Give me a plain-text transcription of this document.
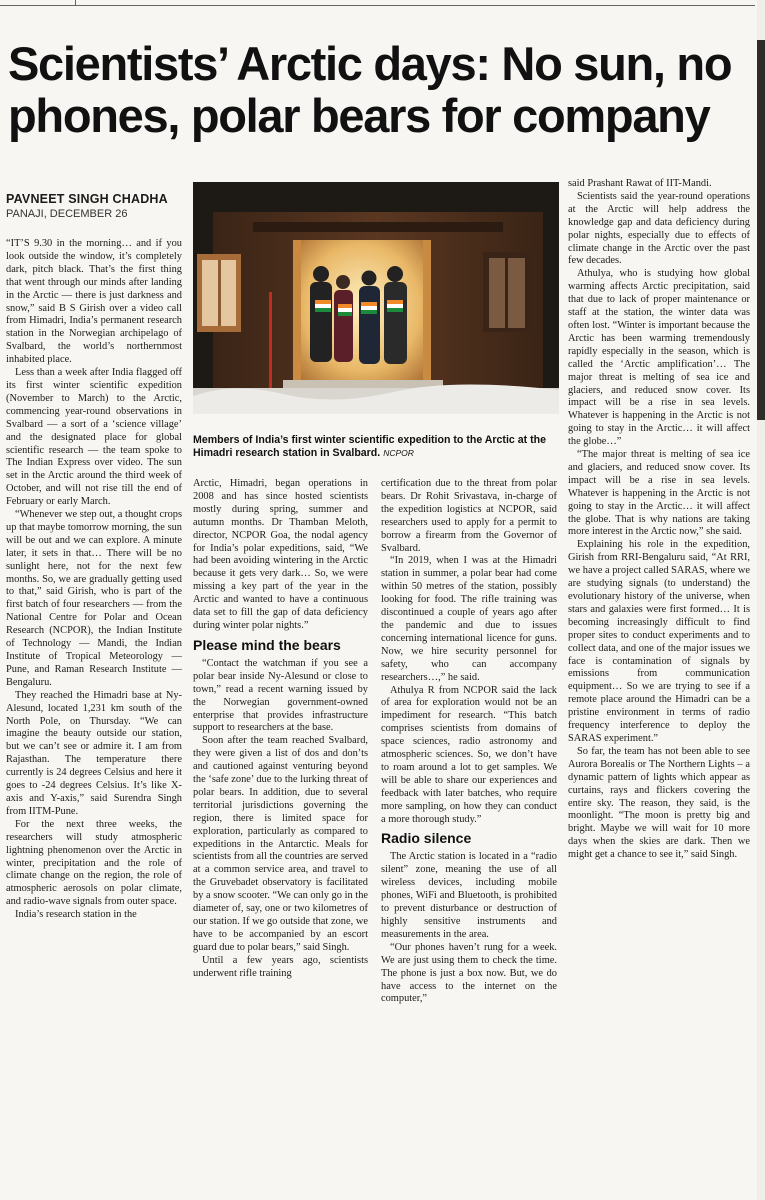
Scientists’ Arctic days: No sun, no phones, polar bears for company
PAVNEET SINGH CHADHA
PANAJI, DECEMBER 26

“IT’S 9.30 in the morning… and if you look outside the window, it’s completely dark, pitch black. That’s the first thing that went through our minds after landing in the Arctic — there is just darkness and snow,” said B S Girish over a video call from Himadri, India’s permanent research station in the Norwegian archipelago of Svalbard, the world’s northernmost inhabited place.

Less than a week after India flagged off its first winter scientific expedition (November to March) to the Arctic, commencing year-round observations in Svalbard — a sort of a ‘science village’ and the designated place for global scientific research — the team spoke to The Indian Express over video. The sun set in the Arctic around the third week of October, and will not rise till the end of February or early March.

“Whenever we step out, a thought crops up that maybe tomorrow morning, the sun will be out and we can explore. A minute later, it sets in that… There will be no sunlight here, not for the next few months. So, we are gradually getting used to that,” said Girish, who is part of the first batch of four researchers — from the National Centre for Polar and Ocean Research (NCPOR), the Indian Institute of Technology — Mandi, the Indian Institute of Tropical Meteorology — Pune, and Raman Research Institute — Bengaluru.

They reached the Himadri base at Ny-Alesund, located 1,231 km south of the North Pole, on Thursday. “We can imagine the beauty outside our station, but we can’t see or admire it. I am from Rajasthan. The temperature there currently is 24 degrees Celsius and here it goes to -24 degrees Celsius. It’s like X-axis and Y-axis,” said Surendra Singh from IITM-Pune.

For the next three weeks, the researchers will study atmospheric lightning phenomenon over the Arctic in winter, precipitation and the role of climate change on the region, the role of atmospheric aerosols on polar climate, and radio-wave signals from outer space.

India’s research station in the

Members of India’s first winter scientific expedition to the Arctic at the Himadri research station in Svalbard. NCPOR

Arctic, Himadri, began operations in 2008 and has since hosted scientists mostly during spring, summer and autumn months. Dr Thamban Meloth, director, NCPOR Goa, the nodal agency for India’s polar expeditions, said, “We had been avoiding wintering in the Arctic because it gets very dark… So, we were missing a key part of the year in the Arctic and wanted to have a continuous data set to fill the gap of data deficiency during winter polar nights.”

Please mind the bears

“Contact the watchman if you see a polar bear inside Ny-Alesund or close to town,” read a recent warning issued by the Norwegian government-owned enterprise that provides infrastructure support to researchers at the base.

Soon after the team reached Svalbard, they were given a list of dos and don’ts and cautioned against venturing beyond the ‘safe zone’ due to the lurking threat of polar bears. In addition, due to several territorial jurisdictions governing the region, there is limited space for exploration, particularly as compared to expeditions in the Antarctic. Meals for scientists from all the countries are served at a common service area, and travel to the Gruvebadet observatory is facilitated by a snow scooter. “We can only go in the diameter of, say, one or two kilometres of our station. If we go outside that zone, we have to be accompanied by an escort guard due to polar bears,” said Singh.

Until a few years ago, scientists underwent rifle training

certification due to the threat from polar bears. Dr Rohit Srivastava, in-charge of the expedition logistics at NCPOR, said researchers used to apply for a permit to borrow a firearm from the Governor of Svalbard.

“In 2019, when I was at the Himadri station in summer, a polar bear had come within 50 metres of the station, possibly looking for food. The rifle training was discontinued a couple of years ago after the pandemic and due to issues concerning international licence for guns. Now, we hire security personnel for safety, who can accompany researchers…,” he said.

Athulya R from NCPOR said the lack of area for exploration would not be an impediment for research. “This batch comprises scientists from domains of space sciences, radio astronomy and atmospheric sciences. So, we don’t have to roam around a lot to get samples. We will be able to share our experiences and feedback with later batches, who require more sampling, on how they can conduct a more thorough study.”

Radio silence

The Arctic station is located in a “radio silent” zone, meaning the use of all wireless devices, including mobile phones, WiFi and Bluetooth, is prohibited to prevent disturbance or destruction of highly sensitive instruments and measurements in the area.

“Our phones haven’t rung for a week. We are just using them to check the time. The phone is just a box now. But, we do have access to the internet on the computer,”

said Prashant Rawat of IIT-Mandi.

Scientists said the year-round operations at the Arctic will help address the knowledge gap and data deficiency during polar nights, especially due to effects of climate change in the Arctic over the past few decades.

Athulya, who is studying how global warming affects Arctic precipitation, said that due to lack of proper maintenance or staff at the station, the winter data was often lost. “Winter is important because the Arctic has been warming tremendously rapidly especially in the season, which is called the ‘Arctic amplification’… The major threat is melting of sea ice and glaciers, and reduced snow cover. Its impact will be a rise in sea levels. Whatever is happening in the Arctic is not going to stay in the Arctic… it will affect the globe…”

“The major threat is melting of sea ice and glaciers, and reduced snow cover. Its impact will be a rise in sea levels. Whatever is happening in the Arctic is not going to stay in the Arctic… it will affect the globe. That is why nations are taking more interest in the Arctic now,” she said.

Explaining his role in the expedition, Girish from RRI-Bengaluru said, “At RRI, we have a project called SARAS, where we are studying signals (to understand) the evolutionary history of the universe, when stars and galaxies were first formed… It is becoming increasingly difficult to find proper sites to conduct experiments and to collect data, and one of the major issues we face is contamination of signals by emissions from communication equipment… So we are trying to see if a remote place around the Himadri can be a pristine environment in terms of radio frequency interference to deploy the SARAS experiment.”

So far, the team has not been able to see Aurora Borealis or The Northern Lights – a dynamic pattern of lights which appear as curtains, rays and flickers covering the entire sky. The reason, they said, is the moonlight. “The moon is pretty big and bright. Maybe we will wait for 10 more days when the skies are dark. Then we might get a chance to see it,” said Singh.
